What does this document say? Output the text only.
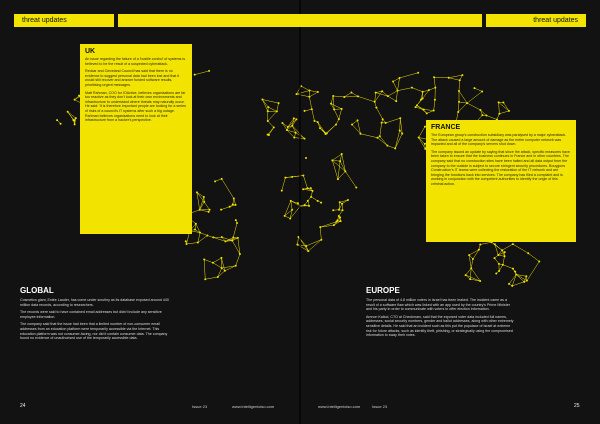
threat updates	threat updates
UK

An issue regarding the failure of a 'hostile control' of systems is believed to be the result of a suspected cyberattack.

Redcar and Cleveland Council has said that there is no evidence to suggest personal data had been lost and that it would still recover and answer funded software results, prioritising urgent messages.

Matt Rahman, COO for IOActive, believes organisations are far too reactive as they don't look at their own environments and infrastructure to understand where threats may naturally occur. He said: 'It is therefore important people are looking for a series of risks of a council's IT systems after such a big outage. Rahman believes organisations need to look at their infrastructure from a hacker's perspective.

FRANCE

The European group's construction subsidiary was paralysed by a major cyberattack. The attack caused a large amount of damage as the entire computer network was impacted and all of the company's servers shut down.

The company issued an update by saying that since the attack, specific measures have been taken to ensure that the business continues in France and in other countries. The company said that no construction sites have been halted and all data output from the company to the outside is subject to secure stringent security procedures. Bouygues Construction's IT teams were collecting the restoration of the IT network and are bringing the functions back into services. The company has filed a complaint and is working in conjunction with the competent authorities to identify the origin of this criminal action.

GLOBAL

Cosmetics giant, Estée Lauder, has come under scrutiny as its database exposed around 440 million data records, according to researchers.

The records were said to have contained email addresses but didn't include any sensitive employee information.

The company said that the issue had been that a limited number of non-consumer email addresses from an education platform were temporarily accessible via the Internet. This education platform was not consumer-facing, nor did it contain consumer data. The company found no evidence of unauthorised use of the temporarily accessible data.

EUROPE

The personal data of 4.8 million voters in Israel has been leaked. The incident came as a result of a software flaw which was linked with an app used by the country's Prime Minister and his party in order to communicate with voters to offer election information.

Amnon Kaliod, CTO at Checkmarx, said that the exposed voter data included full names, addresses, social security numbers, gender and ballot addresses, along with other extremely sensitive details. He said that an incident such as this put the populace of Israel at extreme risk for future attacks, such as identity theft, phishing, or strategically using the compromised information to sway their votes.

24	Issue 23	www.intelligentciso.com	www.intelligentciso.com	Issue 23	25
